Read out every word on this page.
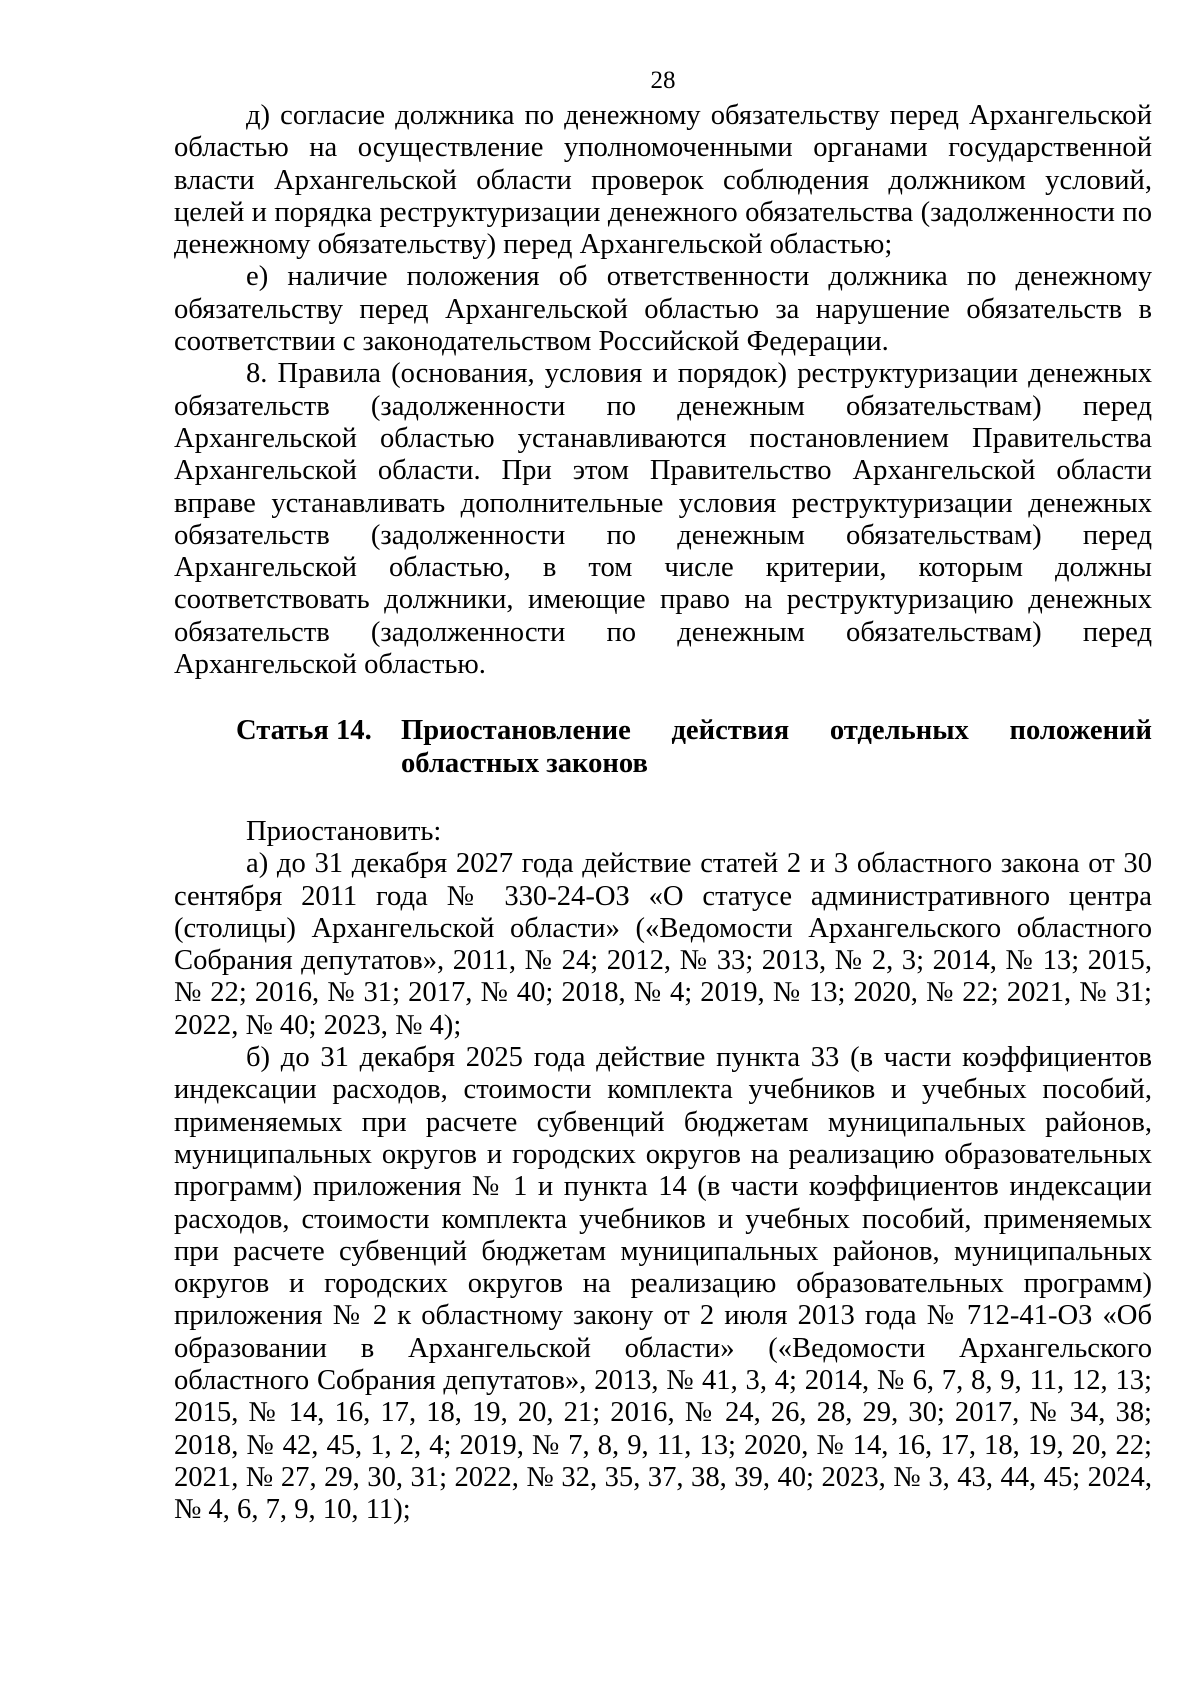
28

д) согласие должника по денежному обязательству перед Архангельской областью на осуществление уполномоченными органами государственной власти Архангельской области проверок соблюдения должником условий, целей и порядка реструктуризации денежного обязательства (задолженности по денежному обязательству) перед Архангельской областью;

е) наличие положения об ответственности должника по денежному обязательству перед Архангельской областью за нарушение обязательств в соответствии с законодательством Российской Федерации.

8. Правила (основания, условия и порядок) реструктуризации денежных обязательств (задолженности по денежным обязательствам) перед Архангельской областью устанавливаются постановлением Правительства Архангельской области. При этом Правительство Архангельской области вправе устанавливать дополнительные условия реструктуризации денежных обязательств (задолженности по денежным обязательствам) перед Архангельской областью, в том числе критерии, которым должны соответствовать должники, имеющие право на реструктуризацию денежных обязательств (задолженности по денежным обязательствам) перед Архангельской областью.

Статья 14.	Приостановление действия отдельных положений областных законов

Приостановить:

а) до 31 декабря 2027 года действие статей 2 и 3 областного закона от 30 сентября 2011 года № 330-24-ОЗ «О статусе административного центра (столицы) Архангельской области» («Ведомости Архангельского областного Собрания депутатов», 2011, № 24; 2012, № 33; 2013, № 2, 3; 2014, № 13; 2015, № 22; 2016, № 31; 2017, № 40; 2018, № 4; 2019, № 13; 2020, № 22; 2021, № 31; 2022, № 40; 2023, № 4);

б) до 31 декабря 2025 года действие пункта 33 (в части коэффициентов индексации расходов, стоимости комплекта учебников и учебных пособий, применяемых при расчете субвенций бюджетам муниципальных районов, муниципальных округов и городских округов на реализацию образовательных программ) приложения № 1 и пункта 14 (в части коэффициентов индексации расходов, стоимости комплекта учебников и учебных пособий, применяемых при расчете субвенций бюджетам муниципальных районов, муниципальных округов и городских округов на реализацию образовательных программ) приложения № 2 к областному закону от 2 июля 2013 года № 712-41-ОЗ «Об образовании в Архангельской области» («Ведомости Архангельского областного Собрания депутатов», 2013, № 41, 3, 4; 2014, № 6, 7, 8, 9, 11, 12, 13; 2015, № 14, 16, 17, 18, 19, 20, 21; 2016, № 24, 26, 28, 29, 30; 2017, № 34, 38; 2018, № 42, 45, 1, 2, 4; 2019, № 7, 8, 9, 11, 13; 2020, № 14, 16, 17, 18, 19, 20, 22; 2021, № 27, 29, 30, 31; 2022, № 32, 35, 37, 38, 39, 40; 2023, № 3, 43, 44, 45; 2024, № 4, 6, 7, 9, 10, 11);
